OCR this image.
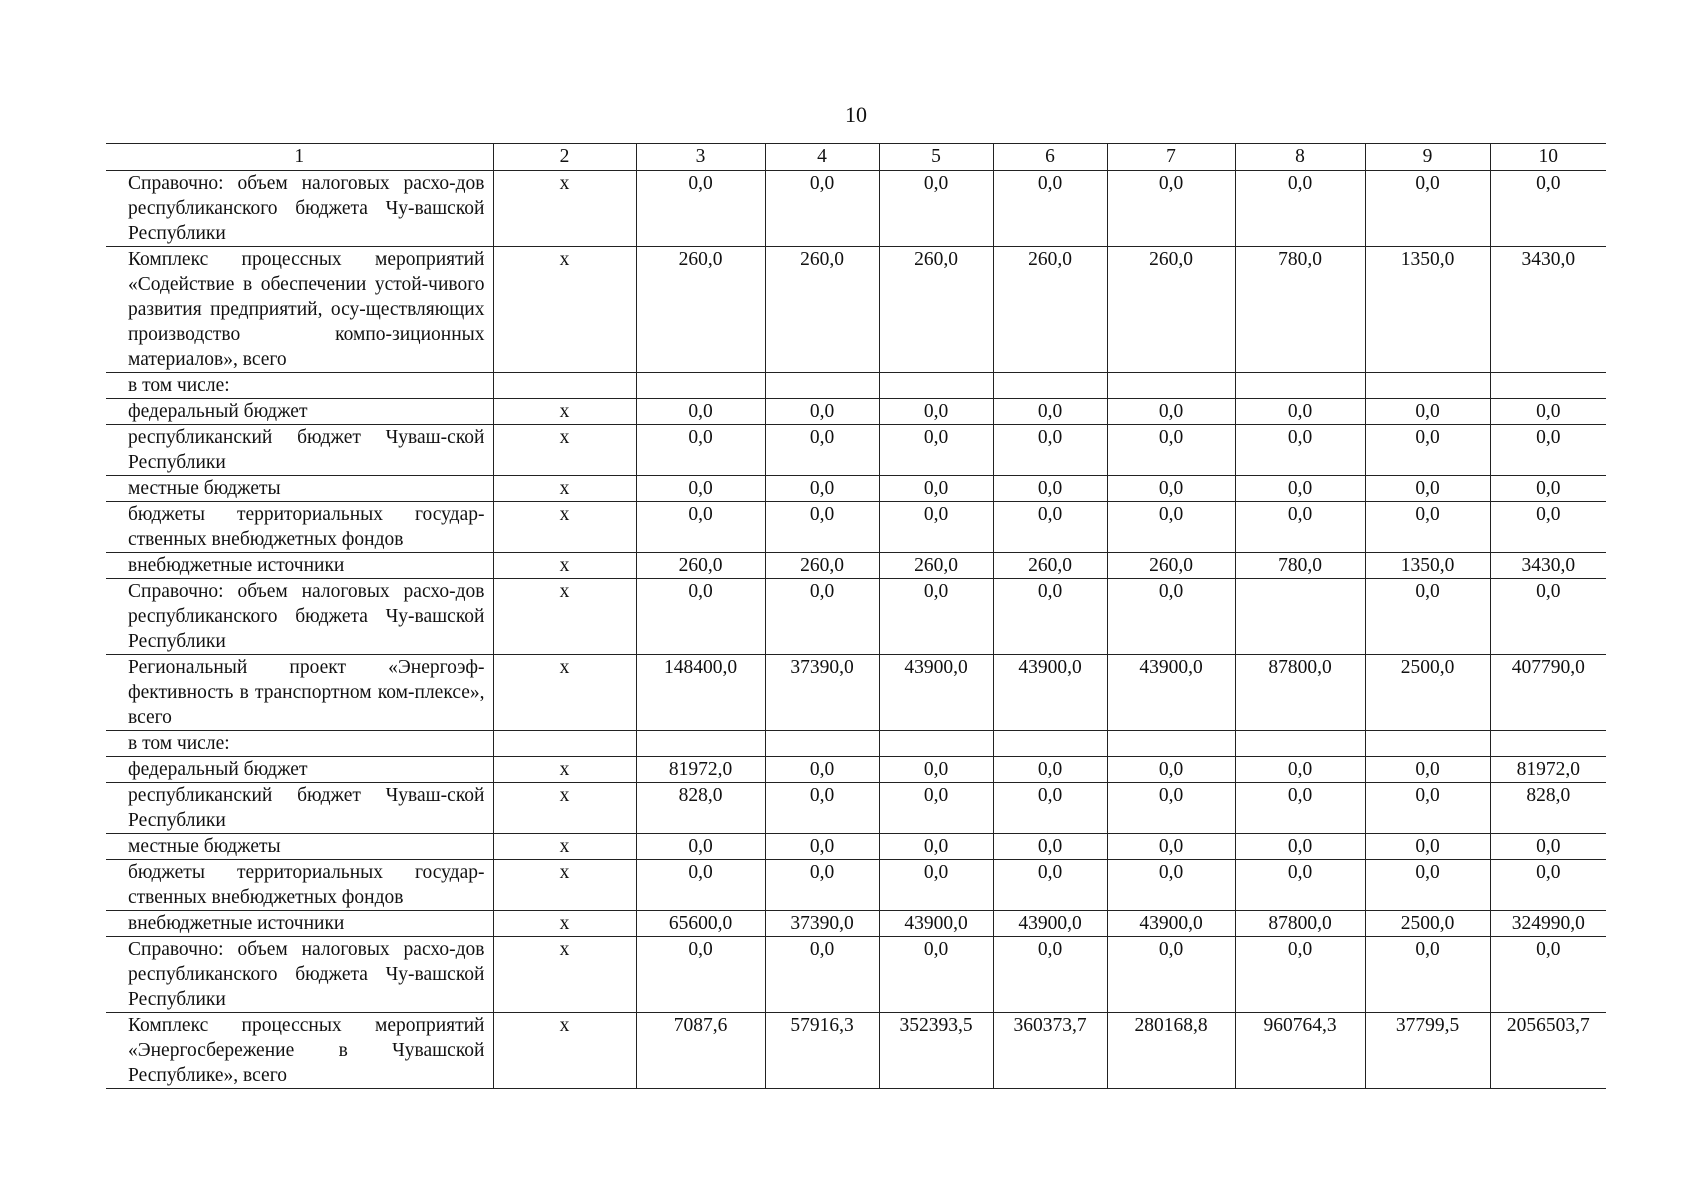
10
1	2	3	4	5	6	7	8	9	10
Справочно: объем налоговых расхо-дов республиканского бюджета Чу-вашской Республики	x	0,0	0,0	0,0	0,0	0,0	0,0	0,0	0,0
Комплекс процессных мероприятий «Содействие в обеспечении устой-чивого развития предприятий, осу-ществляющих производство компо-зиционных материалов», всего	x	260,0	260,0	260,0	260,0	260,0	780,0	1350,0	3430,0
в том числе:									
федеральный бюджет	x	0,0	0,0	0,0	0,0	0,0	0,0	0,0	0,0
республиканский бюджет Чуваш-ской Республики	x	0,0	0,0	0,0	0,0	0,0	0,0	0,0	0,0
местные бюджеты	x	0,0	0,0	0,0	0,0	0,0	0,0	0,0	0,0
бюджеты территориальных государ-ственных внебюджетных фондов	x	0,0	0,0	0,0	0,0	0,0	0,0	0,0	0,0
внебюджетные источники	x	260,0	260,0	260,0	260,0	260,0	780,0	1350,0	3430,0
Справочно: объем налоговых расхо-дов республиканского бюджета Чу-вашской Республики	x	0,0	0,0	0,0	0,0	0,0		0,0	0,0
Региональный проект «Энергоэф-фективность в транспортном ком-плексе», всего	x	148400,0	37390,0	43900,0	43900,0	43900,0	87800,0	2500,0	407790,0
в том числе:									
федеральный бюджет	x	81972,0	0,0	0,0	0,0	0,0	0,0	0,0	81972,0
республиканский бюджет Чуваш-ской Республики	x	828,0	0,0	0,0	0,0	0,0	0,0	0,0	828,0
местные бюджеты	x	0,0	0,0	0,0	0,0	0,0	0,0	0,0	0,0
бюджеты территориальных государ-ственных внебюджетных фондов	x	0,0	0,0	0,0	0,0	0,0	0,0	0,0	0,0
внебюджетные источники	x	65600,0	37390,0	43900,0	43900,0	43900,0	87800,0	2500,0	324990,0
Справочно: объем налоговых расхо-дов республиканского бюджета Чу-вашской Республики	x	0,0	0,0	0,0	0,0	0,0	0,0	0,0	0,0
Комплекс процессных мероприятий «Энергосбережение в Чувашской Республике», всего	x	7087,6	57916,3	352393,5	360373,7	280168,8	960764,3	37799,5	2056503,7
